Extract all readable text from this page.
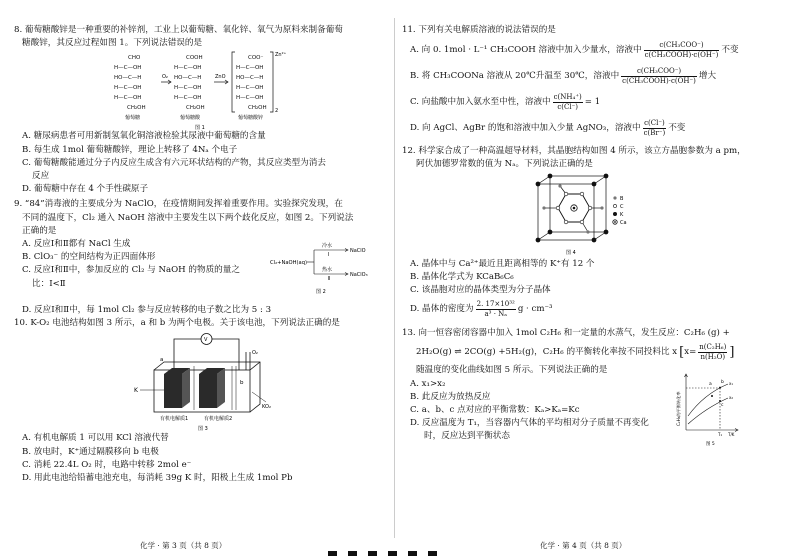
8. 葡萄糖酸锌是一种重要的补锌剂，工业上以葡萄糖、氧化锌、氧气为原料来制备葡萄

糖酸锌，其反应过程如图 1。下列说法错误的是

CHO
H—C—OH
HO—C—H
H—C—OH
H—C—OH
CH₂OH
COOH
H—C—OH
HO—C—H
H—C—OH
H—C—OH
CH₂OH
COO⁻
H—C—OH
HO—C—H
H—C—OH
H—C—OH
CH₂OH
O₂	ZnO
Zn²⁺
2
葡萄糖	葡萄糖酸	葡萄糖酸锌
图 1

A. 糖尿病患者可用新制氢氧化铜溶液检验其尿液中葡萄糖的含量

B. 每生成 1mol 葡萄糖酸锌，理论上转移了 4Nₐ 个电子

C. 葡萄糖酸能通过分子内反应生成含有六元环状结构的产物，其反应类型为消去

反应

D. 葡萄糖中存在 4 个手性碳原子

9. “84”消毒液的主要成分为 NaClO，在疫情期间发挥着重要作用。实验探究发现，在

不同的温度下，Cl₂ 通入 NaOH 溶液中主要发生以下两个歧化反应，如图 2。下列说法

正确的是

A. 反应Ⅰ和Ⅱ都有 NaCl 生成

B. ClO₃⁻ 的空间结构为正四面体形

C. 反应Ⅰ和Ⅱ中，参加反应的 Cl₂ 与 NaOH 的物质的量之

比：Ⅰ<Ⅱ

Cl₂+NaOH(aq)
冷水
Ⅰ
热水
Ⅱ
NaClO
NaClO₃
图 2

D. 反应Ⅰ和Ⅱ中，每 1mol Cl₂ 参与反应转移的电子数之比为 5 : 3

10. K-O₂ 电池结构如图 3 所示，a 和 b 为两个电极。关于该电池，下列说法正确的是

V
K
a
b
O₂
KO₂
有机电解质1	有机电解质2
图 3

A. 有机电解质 1 可以用 KCl 溶液代替

B. 放电时，K⁺通过隔膜移向 b 电极

C. 消耗 22.4L O₂ 时，电路中转移 2mol e⁻

D. 用此电池给铅蓄电池充电，每消耗 39g K 时，阳极上生成 1mol Pb

11. 下列有关电解质溶液的说法错误的是

A. 向 0. 1mol · L⁻¹ CH₃COOH 溶液中加入少量水，溶液中 $\frac{\text{c(CH₃COO⁻)}}{\text{c(CH₃COOH)·c(OH⁻)}}$ 不变
B. 将 CH₃COONa 溶液从 20℃升温至 30℃，溶液中 $\frac{\text{c(CH₃COO⁻)}}{\text{c(CH₃COOH)·c(OH⁻)}}$ 增大
C. 向盐酸中加入氨水至中性，溶液中 $\frac{\text{c(NH₄⁺)}}{c(Cl^-)} = 1$
D. 向 AgCl、AgBr 的饱和溶液中加入少量 AgNO₃，溶液中 $\frac{c(Cl^-)}{c(Br^-)}$ 不变

12. 科学家合成了一种高温超导材料，其晶胞结构如图 4 所示，该立方晶胞参数为 a pm，

阿伏加德罗常数的值为 Nₐ。下列说法正确的是

B
C
K
Ca
图 4

A. 晶体中与 Ca²⁺最近且距离相等的 K⁺有 12 个

B. 晶体化学式为 KCaB₆C₆

C. 该晶胞对应的晶体类型为分子晶体

D. 晶体的密度为 $\frac{\text{2. 17×10³²}}{\text{a³ · Nₐ}}$ g · cm⁻³

13. 向一恒容密闭容器中加入 1mol C₂H₆ 和一定量的水蒸气，发生反应：C₂H₆ (g) +

2H₂O(g) ⇌ 2CO(g) +5H₂(g)，C₂H₆ 的平衡转化率按不同投料比 x [ $x= \frac{\text{n(C₂H₆)}}{\text{n(H₂O)}}$ ]

随温度的变化曲线如图 5 所示。下列说法正确的是

A. x₁>x₂

B. 此反应为放热反应

C. a、b、c 点对应的平衡常数：Kₐ>Kₐ=Kc

D. 反应温度为 T₁，当容器内气体的平均相对分子质量不再变化

时，反应达到平衡状态

C₂H₆的平衡转化率
a b
c
x₁
x₂
T₁ T/K
图 5
化学 · 第 3 页（共 8 页）	化学 · 第 4 页（共 8 页）
